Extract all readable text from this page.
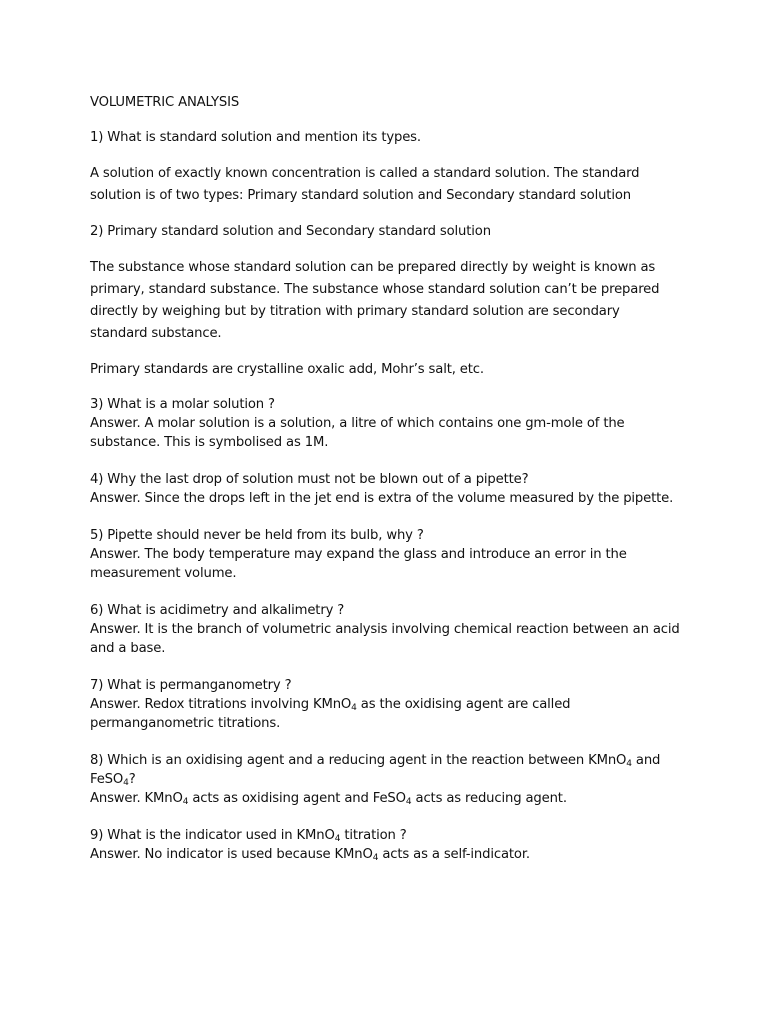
VOLUMETRIC ANALYSIS

1) What is standard solution and mention its types.

A solution of exactly known concentration is called a standard solution. The standard solution is of two types: Primary standard solution and Secondary standard solution

2) Primary standard solution and Secondary standard solution

The substance whose standard solution can be prepared directly by weight is known as primary, standard substance. The substance whose standard solution can’t be prepared directly by weighing but by titration with primary standard solution are secondary standard substance.

Primary standards are crystalline oxalic add, Mohr’s salt, etc.

3) What is a molar solution ?

Answer. A molar solution is a solution, a litre of which contains one gm-mole of the substance. This is symbolised as 1M.

4) Why the last drop of solution must not be blown out of a pipette?

Answer. Since the drops left in the jet end is extra of the volume measured by the pipette.

5) Pipette should never be held from its bulb, why ?

Answer. The body temperature may expand the glass and introduce an error in the measurement volume.

6) What is acidimetry and alkalimetry ?

Answer. It is the branch of volumetric analysis involving chemical reaction between an acid and a base.

7) What is permanganometry ?

Answer. Redox titrations involving KMnO$_4$ as the oxidising agent are called permanganometric titrations.

8) Which is an oxidising agent and a reducing agent in the reaction between KMnO$_4$ and FeSO$_4$?

Answer. KMnO$_4$ acts as oxidising agent and FeSO$_4$ acts as reducing agent.

9) What is the indicator used in KMnO$_4$ titration ?

Answer. No indicator is used because KMnO$_4$ acts as a self-indicator.
